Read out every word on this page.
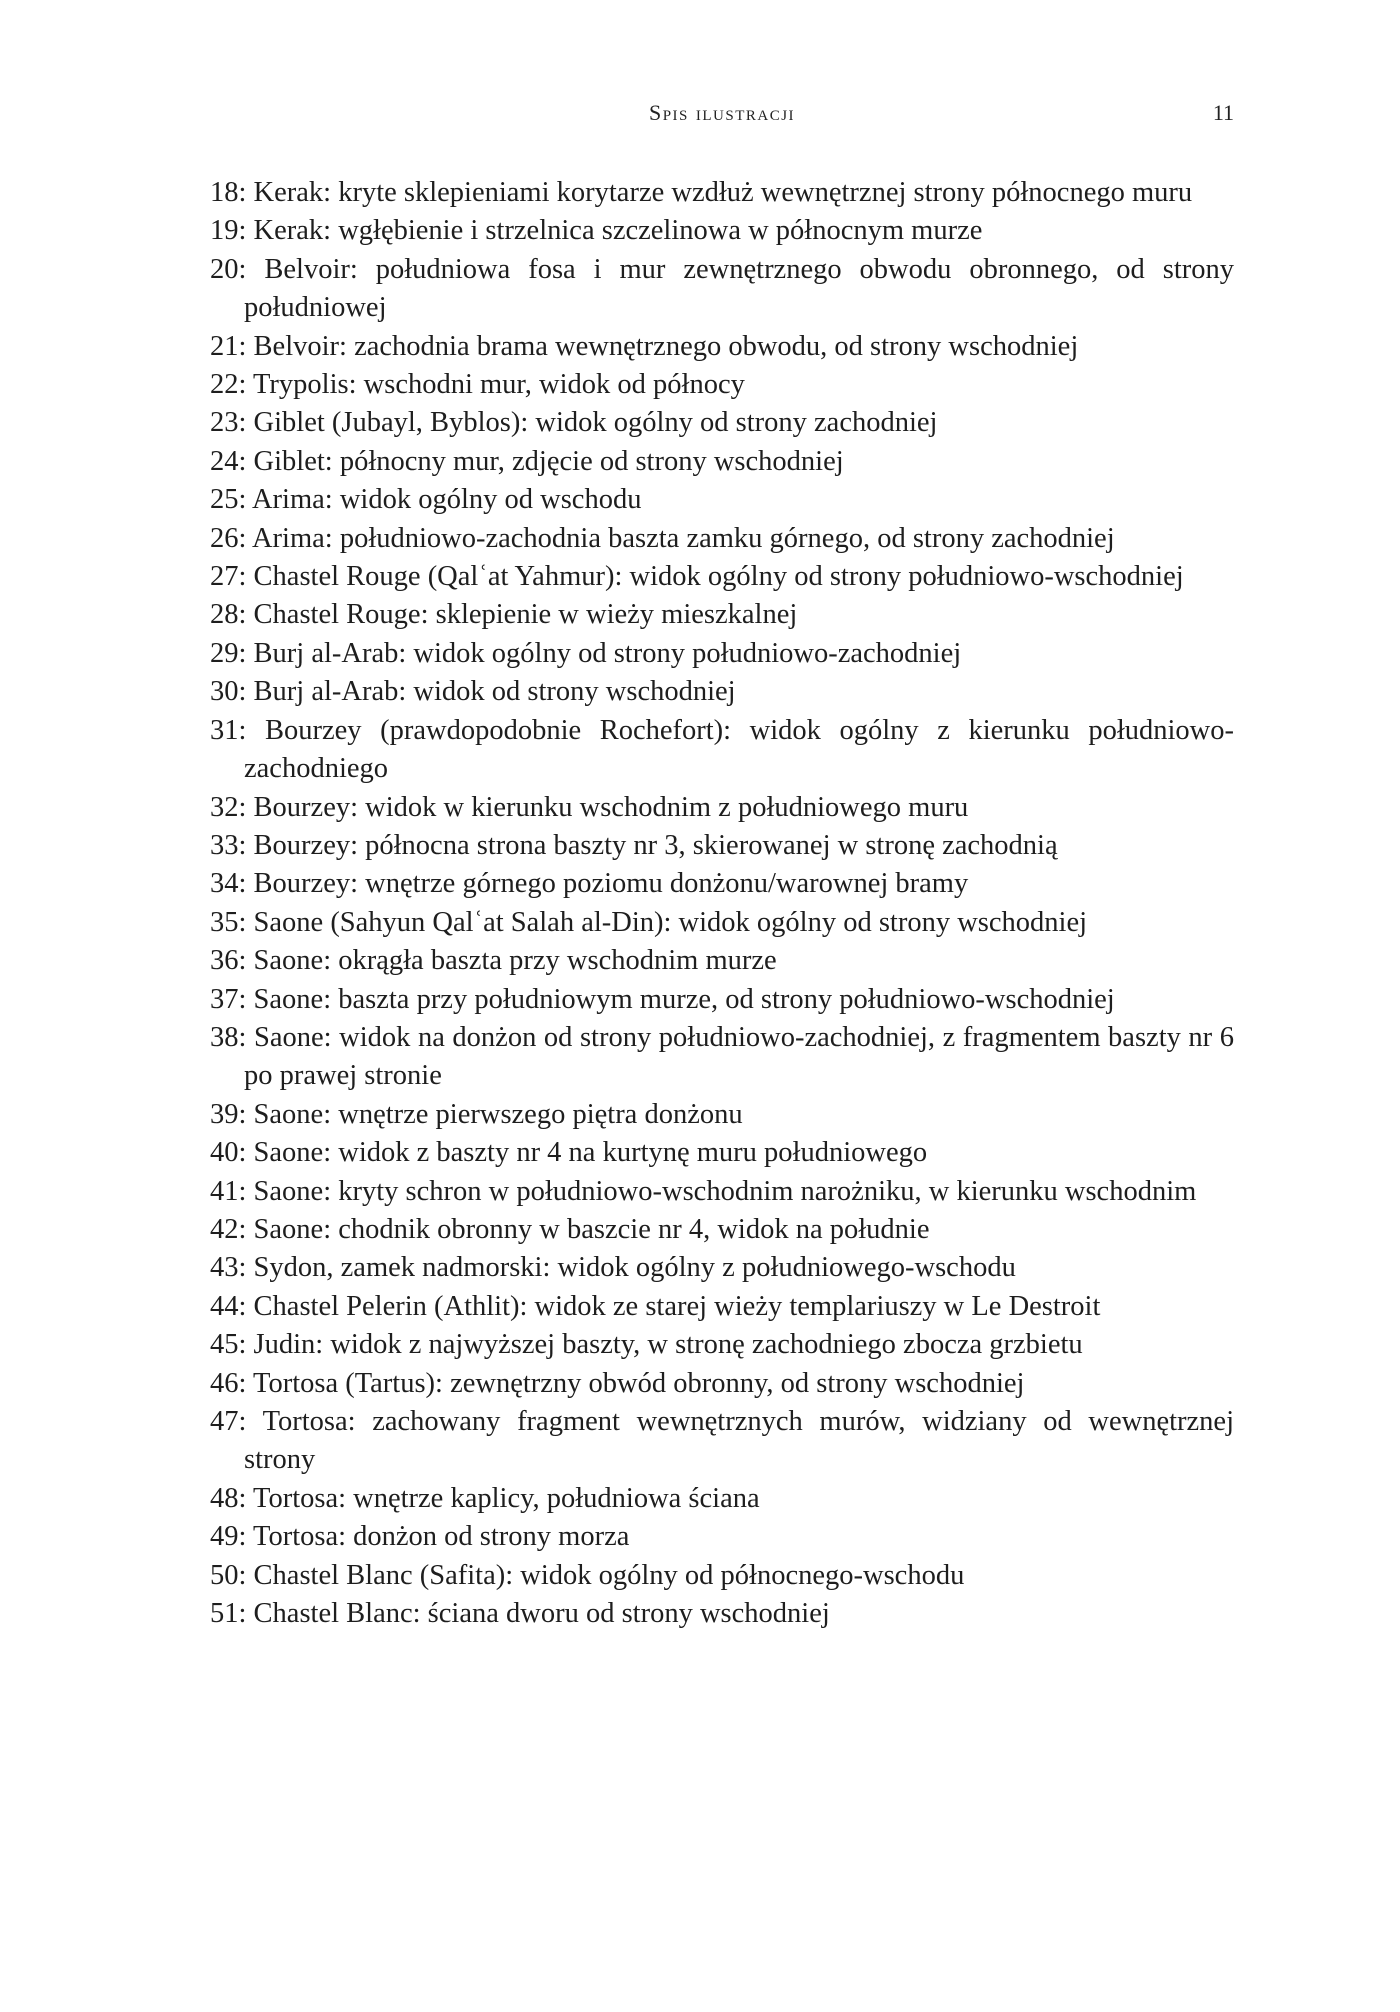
Spis ilustracji	11
18: Kerak: kryte sklepieniami korytarze wzdłuż wewnętrznej strony północnego muru
19: Kerak: wgłębienie i strzelnica szczelinowa w północnym murze
20: Belvoir: południowa fosa i mur zewnętrznego obwodu obronnego, od strony południowej
21: Belvoir: zachodnia brama wewnętrznego obwodu, od strony wschodniej
22: Trypolis: wschodni mur, widok od północy
23: Giblet (Jubayl, Byblos): widok ogólny od strony zachodniej
24: Giblet: północny mur, zdjęcie od strony wschodniej
25: Arima: widok ogólny od wschodu
26: Arima: południowo-zachodnia baszta zamku górnego, od strony zachodniej
27: Chastel Rouge (Qalʿat Yahmur): widok ogólny od strony południowo-wschodniej
28: Chastel Rouge: sklepienie w wieży mieszkalnej
29: Burj al-Arab: widok ogólny od strony południowo-zachodniej
30: Burj al-Arab: widok od strony wschodniej
31: Bourzey (prawdopodobnie Rochefort): widok ogólny z kierunku południowo-zachodniego
32: Bourzey: widok w kierunku wschodnim z południowego muru
33: Bourzey: północna strona baszty nr 3, skierowanej w stronę zachodnią
34: Bourzey: wnętrze górnego poziomu donżonu/warownej bramy
35: Saone (Sahyun Qalʿat Salah al-Din): widok ogólny od strony wschodniej
36: Saone: okrągła baszta przy wschodnim murze
37: Saone: baszta przy południowym murze, od strony południowo-wschodniej
38: Saone: widok na donżon od strony południowo-zachodniej, z fragmentem baszty nr 6 po prawej stronie
39: Saone: wnętrze pierwszego piętra donżonu
40: Saone: widok z baszty nr 4 na kurtynę muru południowego
41: Saone: kryty schron w południowo-wschodnim narożniku, w kierunku wschodnim
42: Saone: chodnik obronny w baszcie nr 4, widok na południe
43: Sydon, zamek nadmorski: widok ogólny z południowego-wschodu
44: Chastel Pelerin (Athlit): widok ze starej wieży templariuszy w Le Destroit
45: Judin: widok z najwyższej baszty, w stronę zachodniego zbocza grzbietu
46: Tortosa (Tartus): zewnętrzny obwód obronny, od strony wschodniej
47: Tortosa: zachowany fragment wewnętrznych murów, widziany od wewnętrznej strony
48: Tortosa: wnętrze kaplicy, południowa ściana
49: Tortosa: donżon od strony morza
50: Chastel Blanc (Safita): widok ogólny od północnego-wschodu
51: Chastel Blanc: ściana dworu od strony wschodniej
